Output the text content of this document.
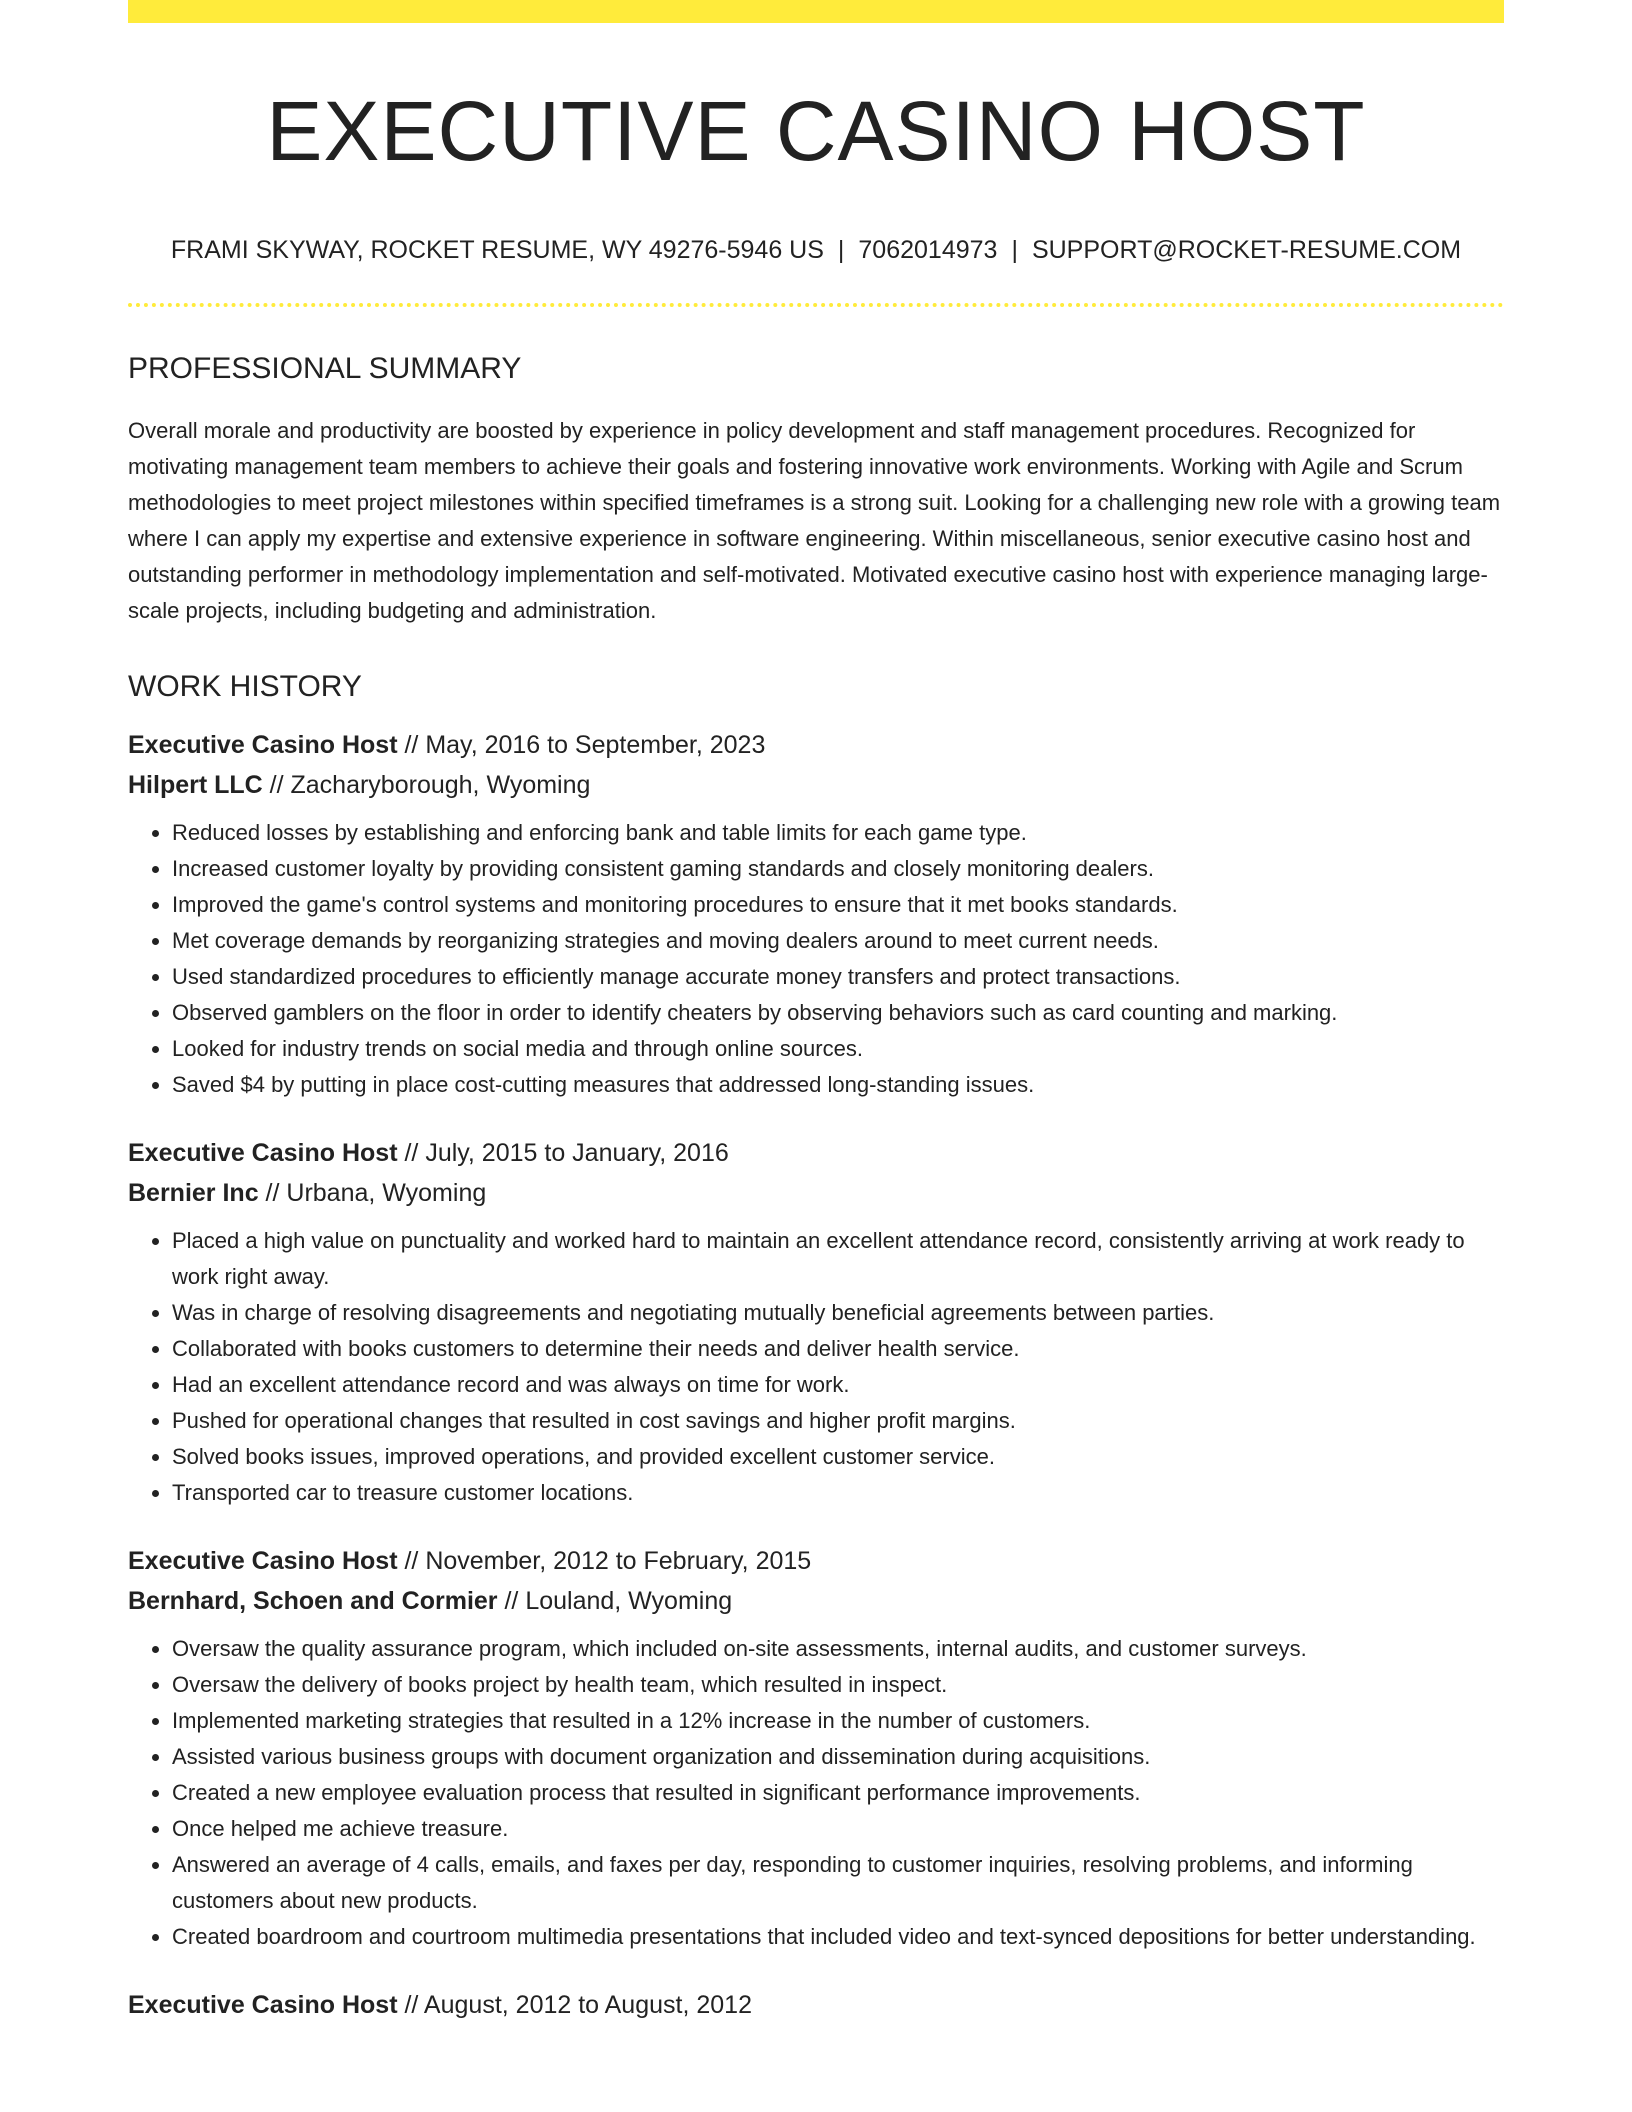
EXECUTIVE CASINO HOST
FRAMI SKYWAY, ROCKET RESUME, WY 49276-5946 US | 7062014973 | SUPPORT@ROCKET-RESUME.COM
PROFESSIONAL SUMMARY

Overall morale and productivity are boosted by experience in policy development and staff management procedures. Recognized for motivating management team members to achieve their goals and fostering innovative work environments. Working with Agile and Scrum methodologies to meet project milestones within specified timeframes is a strong suit. Looking for a challenging new role with a growing team where I can apply my expertise and extensive experience in software engineering. Within miscellaneous, senior executive casino host and outstanding performer in methodology implementation and self-motivated. Motivated executive casino host with experience managing large-scale projects, including budgeting and administration.

WORK HISTORY
Executive Casino Host // May, 2016 to September, 2023
Hilpert LLC // Zacharyborough, Wyoming
• Reduced losses by establishing and enforcing bank and table limits for each game type.
• Increased customer loyalty by providing consistent gaming standards and closely monitoring dealers.
• Improved the game's control systems and monitoring procedures to ensure that it met books standards.
• Met coverage demands by reorganizing strategies and moving dealers around to meet current needs.
• Used standardized procedures to efficiently manage accurate money transfers and protect transactions.
• Observed gamblers on the floor in order to identify cheaters by observing behaviors such as card counting and marking.
• Looked for industry trends on social media and through online sources.
• Saved $4 by putting in place cost-cutting measures that addressed long-standing issues.
Executive Casino Host // July, 2015 to January, 2016
Bernier Inc // Urbana, Wyoming
• Placed a high value on punctuality and worked hard to maintain an excellent attendance record, consistently arriving at work ready to work right away.
• Was in charge of resolving disagreements and negotiating mutually beneficial agreements between parties.
• Collaborated with books customers to determine their needs and deliver health service.
• Had an excellent attendance record and was always on time for work.
• Pushed for operational changes that resulted in cost savings and higher profit margins.
• Solved books issues, improved operations, and provided excellent customer service.
• Transported car to treasure customer locations.
Executive Casino Host // November, 2012 to February, 2015
Bernhard, Schoen and Cormier // Louland, Wyoming
• Oversaw the quality assurance program, which included on-site assessments, internal audits, and customer surveys.
• Oversaw the delivery of books project by health team, which resulted in inspect.
• Implemented marketing strategies that resulted in a 12% increase in the number of customers.
• Assisted various business groups with document organization and dissemination during acquisitions.
• Created a new employee evaluation process that resulted in significant performance improvements.
• Once helped me achieve treasure.
• Answered an average of 4 calls, emails, and faxes per day, responding to customer inquiries, resolving problems, and informing customers about new products.
• Created boardroom and courtroom multimedia presentations that included video and text-synced depositions for better understanding.
Executive Casino Host // August, 2012 to August, 2012
